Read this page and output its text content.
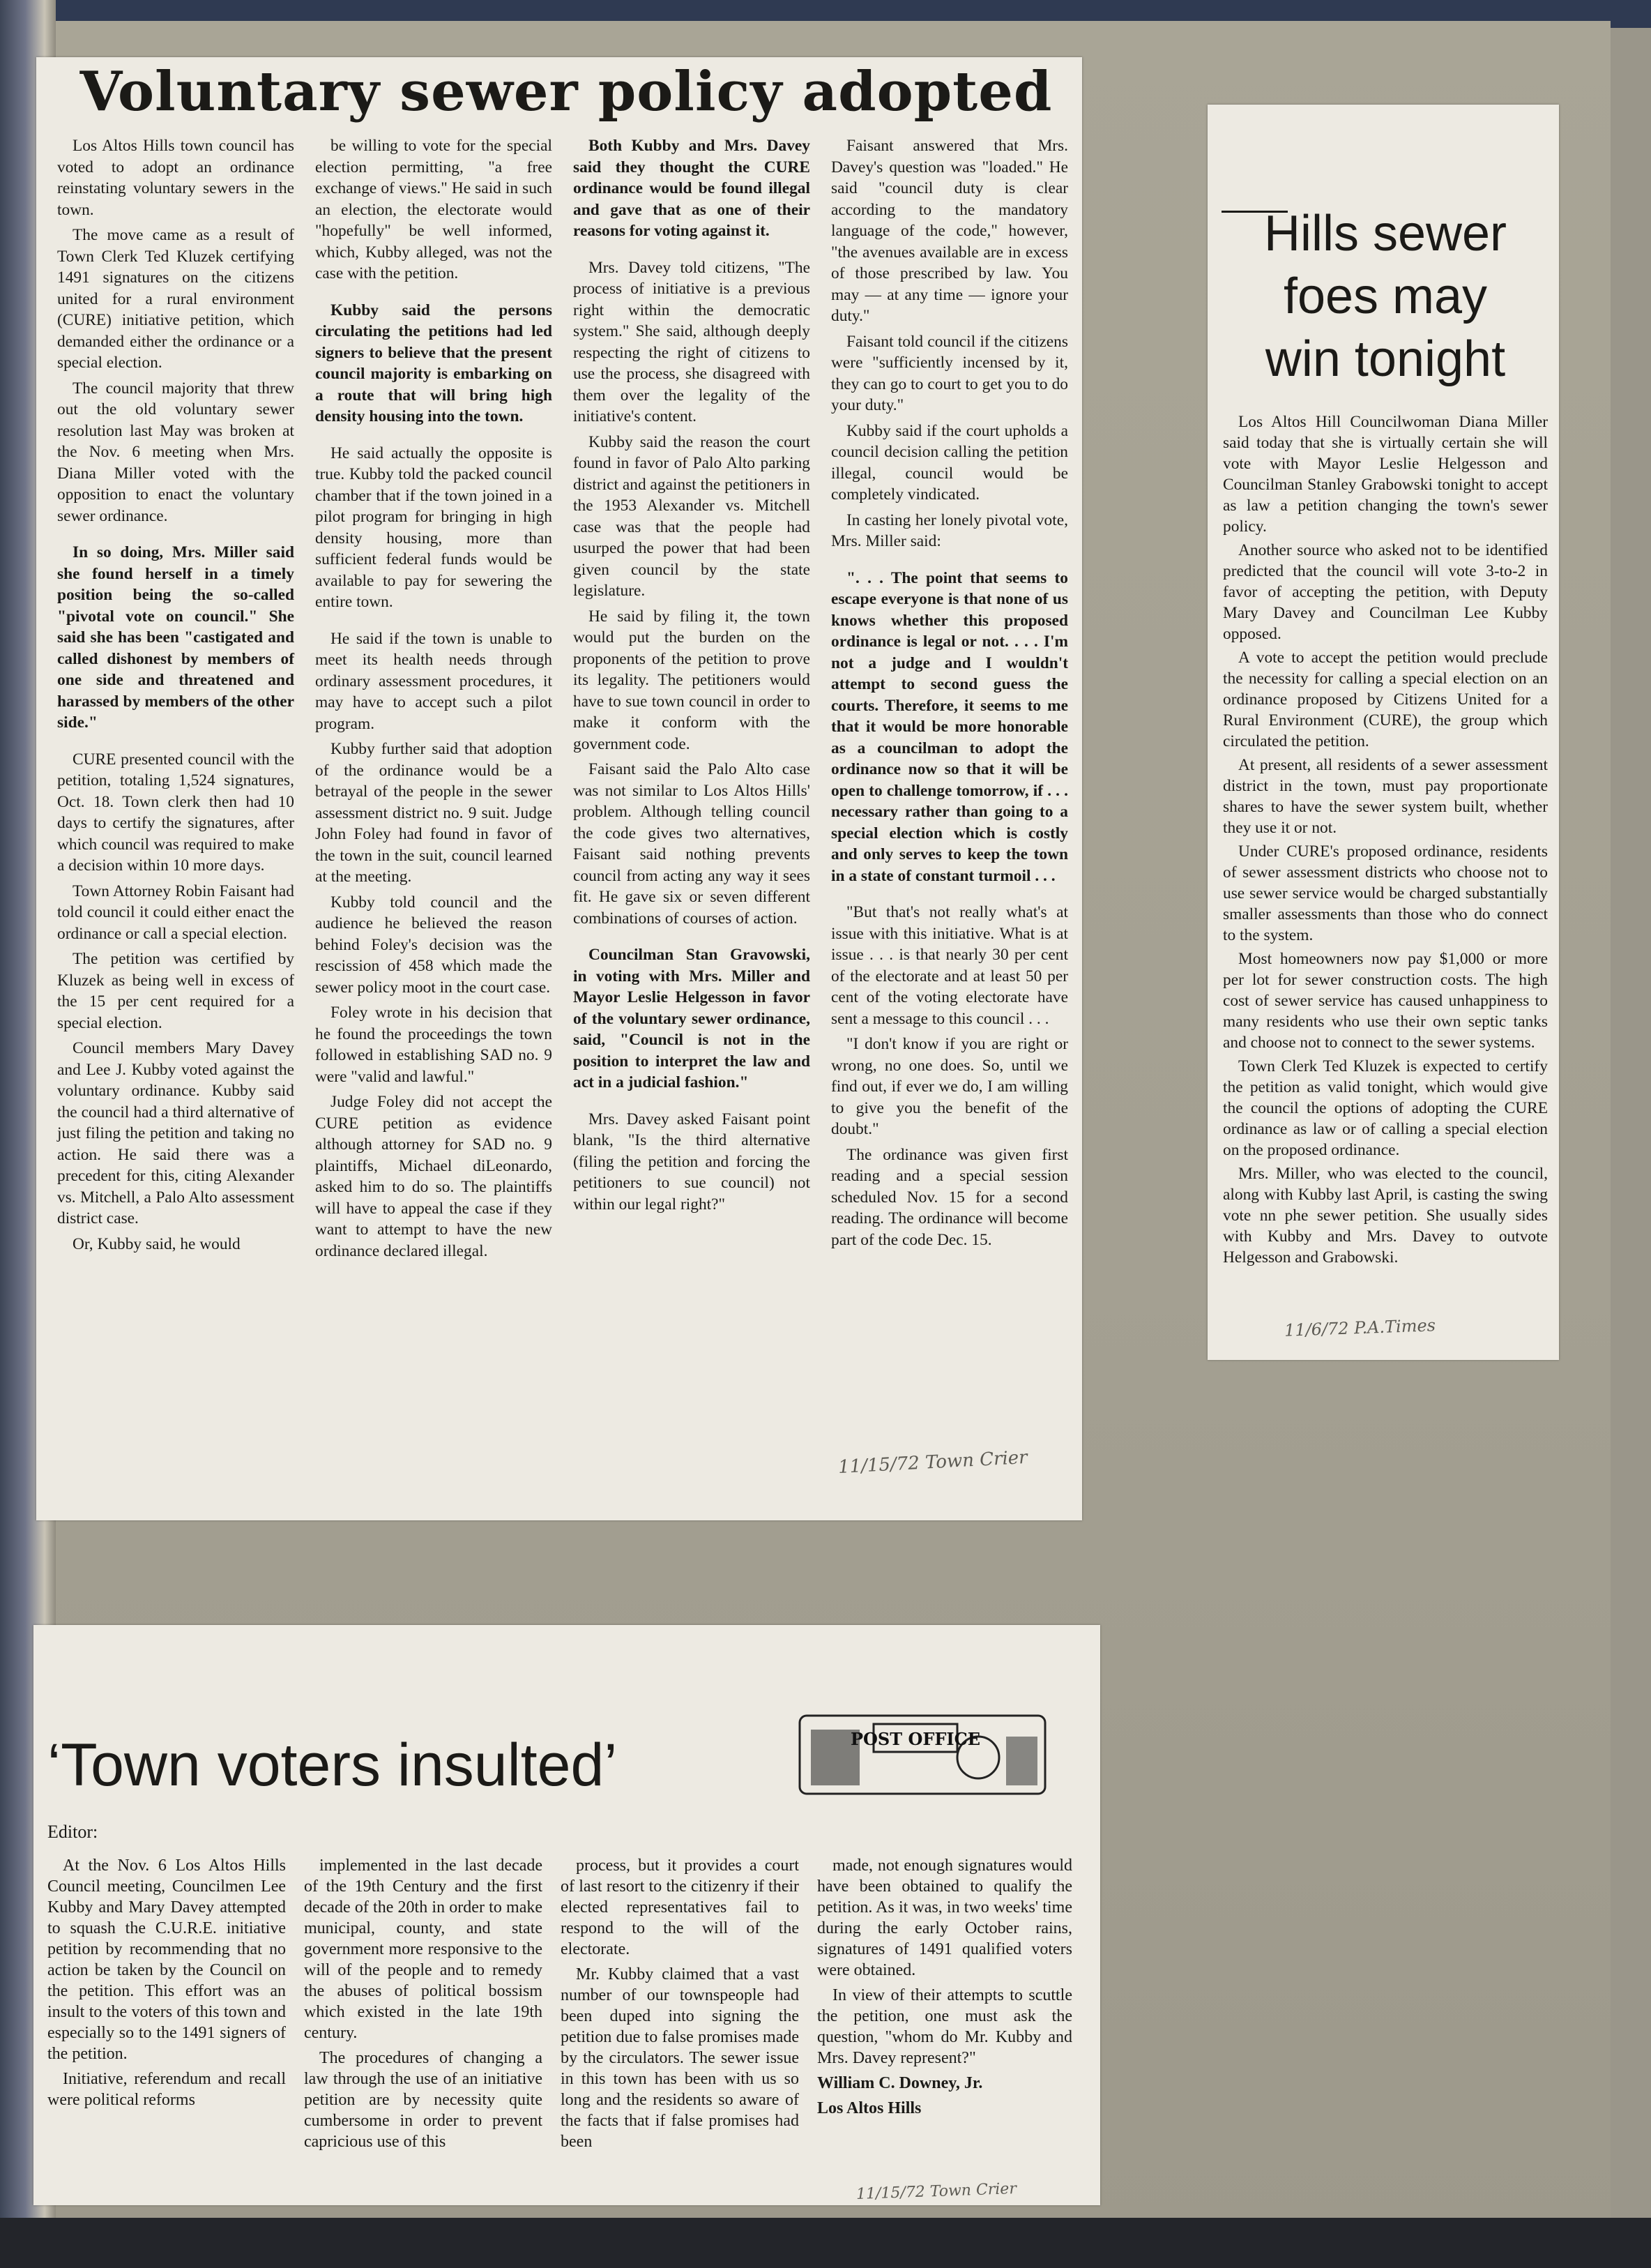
Voluntary sewer policy adopted

Los Altos Hills town council has voted to adopt an ordinance reinstating voluntary sewers in the town.

The move came as a result of Town Clerk Ted Kluzek certifying 1491 signatures on the citizens united for a rural environment (CURE) initiative petition, which demanded either the ordinance or a special election.

The council majority that threw out the old voluntary sewer resolution last May was broken at the Nov. 6 meeting when Mrs. Diana Miller voted with the opposition to enact the voluntary sewer ordinance.

In so doing, Mrs. Miller said she found herself in a timely position being the so-called "pivotal vote on council." She said she has been "castigated and called dishonest by members of one side and threatened and harassed by members of the other side."

CURE presented council with the petition, totaling 1,524 signatures, Oct. 18. Town clerk then had 10 days to certify the signatures, after which council was required to make a decision within 10 more days.

Town Attorney Robin Faisant had told council it could either enact the ordinance or call a special election.

The petition was certified by Kluzek as being well in excess of the 15 per cent required for a special election.

Council members Mary Davey and Lee J. Kubby voted against the voluntary ordinance. Kubby said the council had a third alternative of just filing the petition and taking no action. He said there was a precedent for this, citing Alexander vs. Mitchell, a Palo Alto assessment district case.

Or, Kubby said, he would

be willing to vote for the special election permitting, "a free exchange of views." He said in such an election, the electorate would "hopefully" be well informed, which, Kubby alleged, was not the case with the petition.

Kubby said the persons circulating the petitions had led signers to believe that the present council majority is embarking on a route that will bring high density housing into the town.

He said actually the opposite is true. Kubby told the packed council chamber that if the town joined in a pilot program for bringing in high density housing, more than sufficient federal funds would be available to pay for sewering the entire town.

He said if the town is unable to meet its health needs through ordinary assessment procedures, it may have to accept such a pilot program.

Kubby further said that adoption of the ordinance would be a betrayal of the people in the sewer assessment district no. 9 suit. Judge John Foley had found in favor of the town in the suit, council learned at the meeting.

Kubby told council and the audience he believed the reason behind Foley's decision was the rescission of 458 which made the sewer policy moot in the court case.

Foley wrote in his decision that he found the proceedings the town followed in establishing SAD no. 9 were "valid and lawful."

Judge Foley did not accept the CURE petition as evidence although attorney for SAD no. 9 plaintiffs, Michael diLeonardo, asked him to do so. The plaintiffs will have to appeal the case if they want to attempt to have the new ordinance declared illegal.

Both Kubby and Mrs. Davey said they thought the CURE ordinance would be found illegal and gave that as one of their reasons for voting against it.

Mrs. Davey told citizens, "The process of initiative is a previous right within the democratic system." She said, although deeply respecting the right of citizens to use the process, she disagreed with them over the legality of the initiative's content.

Kubby said the reason the court found in favor of Palo Alto parking district and against the petitioners in the 1953 Alexander vs. Mitchell case was that the people had usurped the power that had been given council by the state legislature.

He said by filing it, the town would put the burden on the proponents of the petition to prove its legality. The petitioners would have to sue town council in order to make it conform with the government code.

Faisant said the Palo Alto case was not similar to Los Altos Hills' problem. Although telling council the code gives two alternatives, Faisant said nothing prevents council from acting any way it sees fit. He gave six or seven different combinations of courses of action.

Councilman Stan Gravowski, in voting with Mrs. Miller and Mayor Leslie Helgesson in favor of the voluntary sewer ordinance, said, "Council is not in the position to interpret the law and act in a judicial fashion."

Mrs. Davey asked Faisant point blank, "Is the third alternative (filing the petition and forcing the petitioners to sue council) not within our legal right?"

Faisant answered that Mrs. Davey's question was "loaded." He said "council duty is clear according to the mandatory language of the code," however, "the avenues available are in excess of those prescribed by law. You may — at any time — ignore your duty."

Faisant told council if the citizens were "sufficiently incensed by it, they can go to court to get you to do your duty."

Kubby said if the court upholds a council decision calling the petition illegal, council would be completely vindicated.

In casting her lonely pivotal vote, Mrs. Miller said:

". . . The point that seems to escape everyone is that none of us knows whether this proposed ordinance is legal or not. . . . I'm not a judge and I wouldn't attempt to second guess the courts. Therefore, it seems to me that it would be more honorable as a councilman to adopt the ordinance now so that it will be open to challenge tomorrow, if . . . necessary rather than going to a special election which is costly and only serves to keep the town in a state of constant turmoil . . .

"But that's not really what's at issue with this initiative. What is at issue . . . is that nearly 30 per cent of the electorate and at least 50 per cent of the voting electorate have sent a message to this council . . .

"I don't know if you are right or wrong, no one does. So, until we find out, if ever we do, I am willing to give you the benefit of the doubt."

The ordinance was given first reading and a special session scheduled Nov. 15 for a second reading. The ordinance will become part of the code Dec. 15.

11/15/72 Town Crier
Hills sewer
foes may
win tonight

Los Altos Hill Councilwoman Diana Miller said today that she is virtually certain she will vote with Mayor Leslie Helgesson and Councilman Stanley Grabowski tonight to accept as law a petition changing the town's sewer policy.

Another source who asked not to be identified predicted that the council will vote 3-to-2 in favor of accepting the petition, with Deputy Mary Davey and Councilman Lee Kubby opposed.

A vote to accept the petition would preclude the necessity for calling a special election on an ordinance proposed by Citizens United for a Rural Environment (CURE), the group which circulated the petition.

At present, all residents of a sewer assessment district in the town, must pay proportionate shares to have the sewer system built, whether they use it or not.

Under CURE's proposed ordinance, residents of sewer assessment districts who choose not to use sewer service would be charged substantially smaller assessments than those who do connect to the system.

Most homeowners now pay $1,000 or more per lot for sewer construction costs. The high cost of sewer service has caused unhappiness to many residents who use their own septic tanks and choose not to connect to the sewer systems.

Town Clerk Ted Kluzek is expected to certify the petition as valid tonight, which would give the council the options of adopting the CURE ordinance as law or of calling a special election on the proposed ordinance.

Mrs. Miller, who was elected to the council, along with Kubby last April, is casting the swing vote nn phe sewer petition. She usually sides with Kubby and Mrs. Davey to outvote Helgesson and Grabowski.

11/6/72 P.A.Times
‘Town voters insulted’	POST OFFICE
Editor:

At the Nov. 6 Los Altos Hills Council meeting, Councilmen Lee Kubby and Mary Davey attempted to squash the C.U.R.E. initiative petition by recommending that no action be taken by the Council on the petition. This effort was an insult to the voters of this town and especially so to the 1491 signers of the petition.

Initiative, referendum and recall were political reforms

implemented in the last decade of the 19th Century and the first decade of the 20th in order to make municipal, county, and state government more responsive to the will of the people and to remedy the abuses of political bossism which existed in the late 19th century.

The procedures of changing a law through the use of an initiative petition are by necessity quite cumbersome in order to prevent capricious use of this

process, but it provides a court of last resort to the citizenry if their elected representatives fail to respond to the will of the electorate.

Mr. Kubby claimed that a vast number of our townspeople had been duped into signing the petition due to false promises made by the circulators. The sewer issue in this town has been with us so long and the residents so aware of the facts that if false promises had been

made, not enough signatures would have been obtained to qualify the petition. As it was, in two weeks' time during the early October rains, signatures of 1491 qualified voters were obtained.

In view of their attempts to scuttle the petition, one must ask the question, "whom do Mr. Kubby and Mrs. Davey represent?"

William C. Downey, Jr.

Los Altos Hills

11/15/72 Town Crier
